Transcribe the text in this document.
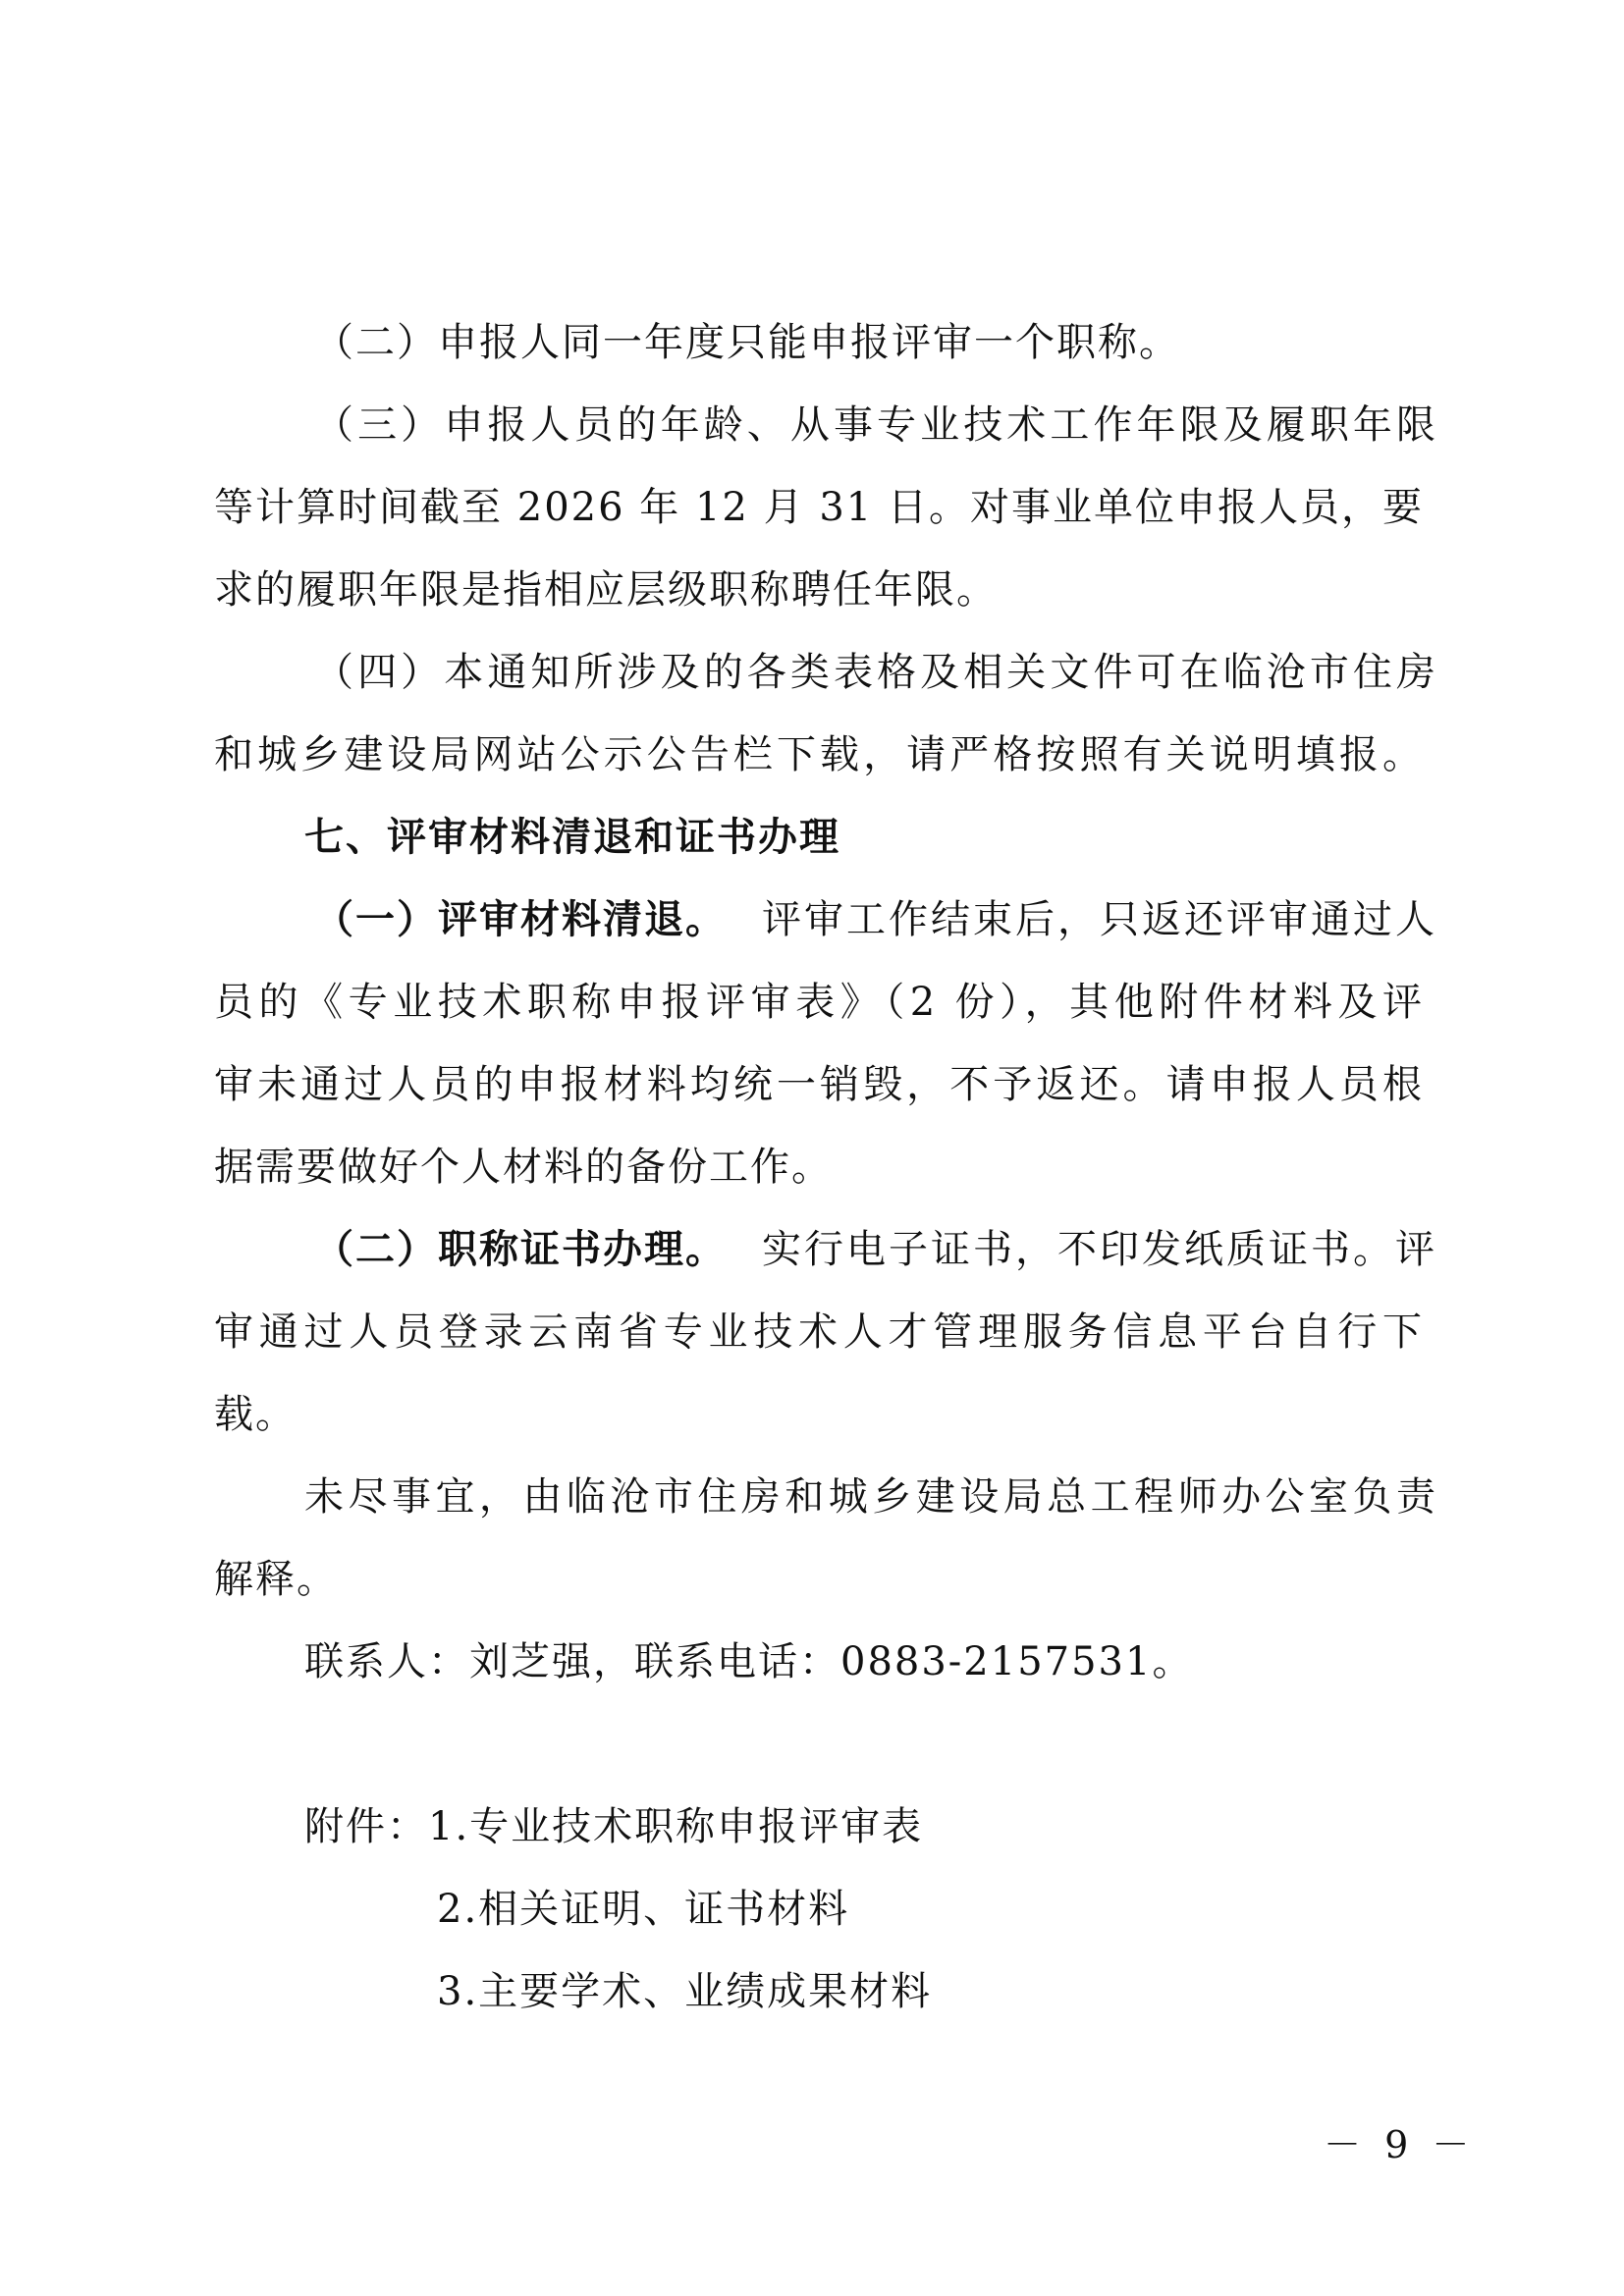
（二）申报人同一年度只能申报评审一个职称。
（三）申报人员的年龄、从事专业技术工作年限及履职年限
等计算时间截至 2026 年 12 月 31 日。对事业单位申报人员，要
求的履职年限是指相应层级职称聘任年限。
（四）本通知所涉及的各类表格及相关文件可在临沧市住房
和城乡建设局网站公示公告栏下载，请严格按照有关说明填报。
七、评审材料清退和证书办理
（一）评审材料清退。 评审工作结束后，只返还评审通过人
员的《专业技术职称申报评审表》（2 份），其他附件材料及评
审未通过人员的申报材料均统一销毁，不予返还。请申报人员根
据需要做好个人材料的备份工作。
（二）职称证书办理。 实行电子证书，不印发纸质证书。评
审通过人员登录云南省专业技术人才管理服务信息平台自行下
载。
未尽事宜，由临沧市住房和城乡建设局总工程师办公室负责
解释。
联系人：刘芝强，联系电话：0883-2157531。
附件：1.专业技术职称申报评审表
2.相关证明、证书材料
3.主要学术、业绩成果材料
－ 9 －
